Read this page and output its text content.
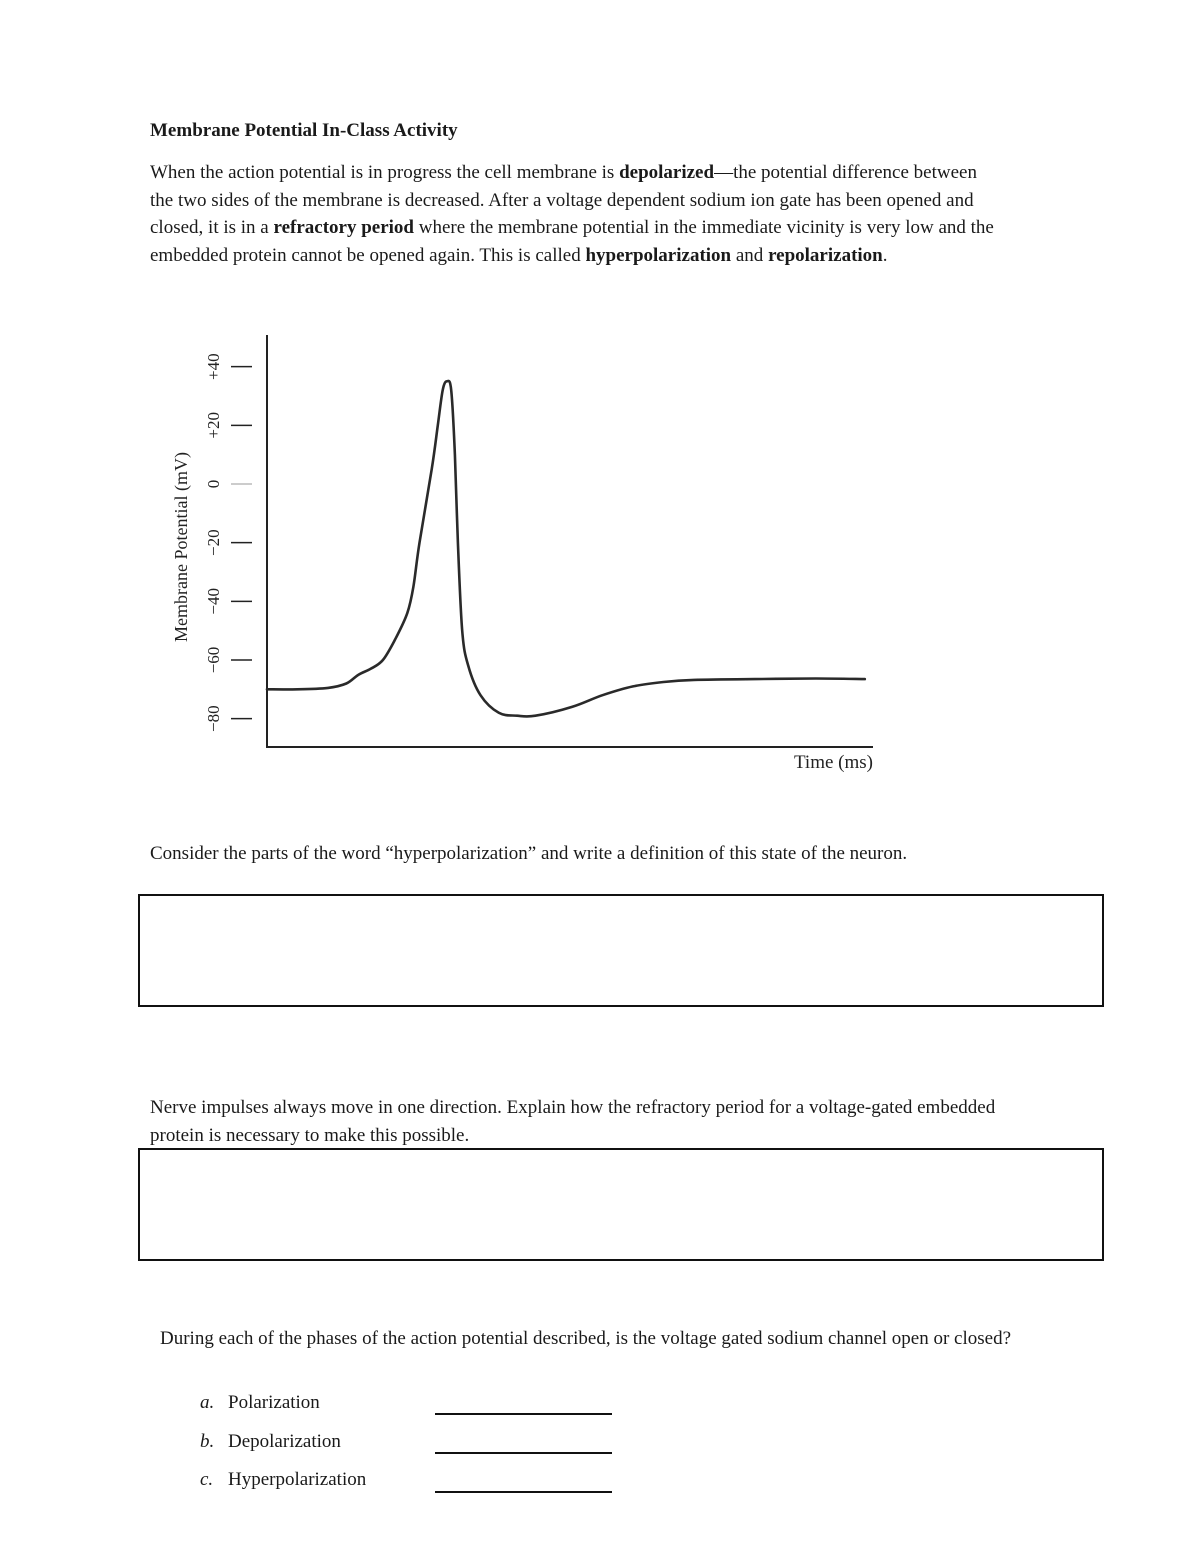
Membrane Potential In-Class Activity
When the action potential is in progress the cell membrane is depolarized—the potential difference between the two sides of the membrane is decreased. After a voltage dependent sodium ion gate has been opened and closed, it is in a refractory period where the membrane potential in the immediate vicinity is very low and the embedded protein cannot be opened again. This is called hyperpolarization and repolarization.
−80
−60
−40
−20
0
+20
+40
Time (ms)
Membrane Potential (mV)
Consider the parts of the word “hyperpolarization” and write a definition of this state of the neuron.
Nerve impulses always move in one direction. Explain how the refractory period for a voltage-gated embedded protein is necessary to make this possible.
During each of the phases of the action potential described, is the voltage gated sodium channel open or closed?
a. Polarization
b. Depolarization
c. Hyperpolarization
